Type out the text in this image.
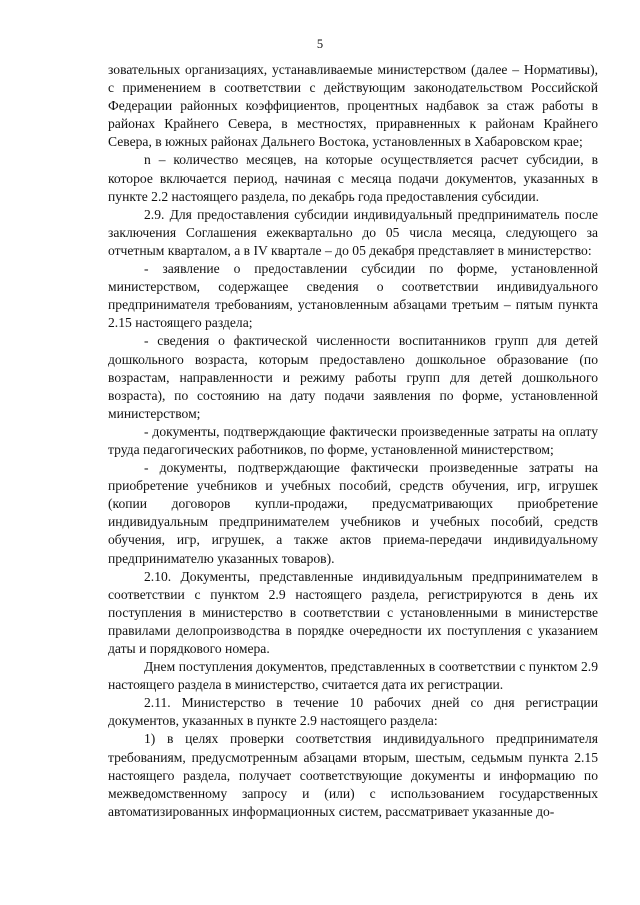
5

зовательных организациях, устанавливаемые министерством (далее – Нормативы), с применением в соответствии с действующим законодательством Российской Федерации районных коэффициентов, процентных надбавок за стаж работы в районах Крайнего Севера, в местностях, приравненных к районам Крайнего Севера, в южных районах Дальнего Востока, установленных в Хабаровском крае;

n – количество месяцев, на которые осуществляется расчет субсидии, в которое включается период, начиная с месяца подачи документов, указанных в пункте 2.2 настоящего раздела, по декабрь года предоставления субсидии.

2.9. Для предоставления субсидии индивидуальный предприниматель после заключения Соглашения ежеквартально до 05 числа месяца, следующего за отчетным кварталом, а в IV квартале – до 05 декабря представляет в министерство:

- заявление о предоставлении субсидии по форме, установленной министерством, содержащее сведения о соответствии индивидуального предпринимателя требованиям, установленным абзацами третьим – пятым пункта 2.15 настоящего раздела;

- сведения о фактической численности воспитанников групп для детей дошкольного возраста, которым предоставлено дошкольное образование (по возрастам, направленности и режиму работы групп для детей дошкольного возраста), по состоянию на дату подачи заявления по форме, установленной министерством;

- документы, подтверждающие фактически произведенные затраты на оплату труда педагогических работников, по форме, установленной министерством;

- документы, подтверждающие фактически произведенные затраты на приобретение учебников и учебных пособий, средств обучения, игр, игрушек (копии договоров купли-продажи, предусматривающих приобретение индивидуальным предпринимателем учебников и учебных пособий, средств обучения, игр, игрушек, а также актов приема-передачи индивидуальному предпринимателю указанных товаров).

2.10. Документы, представленные индивидуальным предпринимателем в соответствии с пунктом 2.9 настоящего раздела, регистрируются в день их поступления в министерство в соответствии с установленными в министерстве правилами делопроизводства в порядке очередности их поступления с указанием даты и порядкового номера.

Днем поступления документов, представленных в соответствии с пунктом 2.9 настоящего раздела в министерство, считается дата их регистрации.

2.11. Министерство в течение 10 рабочих дней со дня регистрации документов, указанных в пункте 2.9 настоящего раздела:

1) в целях проверки соответствия индивидуального предпринимателя требованиям, предусмотренным абзацами вторым, шестым, седьмым пункта 2.15 настоящего раздела, получает соответствующие документы и информацию по межведомственному запросу и (или) с использованием государственных автоматизированных информационных систем, рассматривает указанные до-
